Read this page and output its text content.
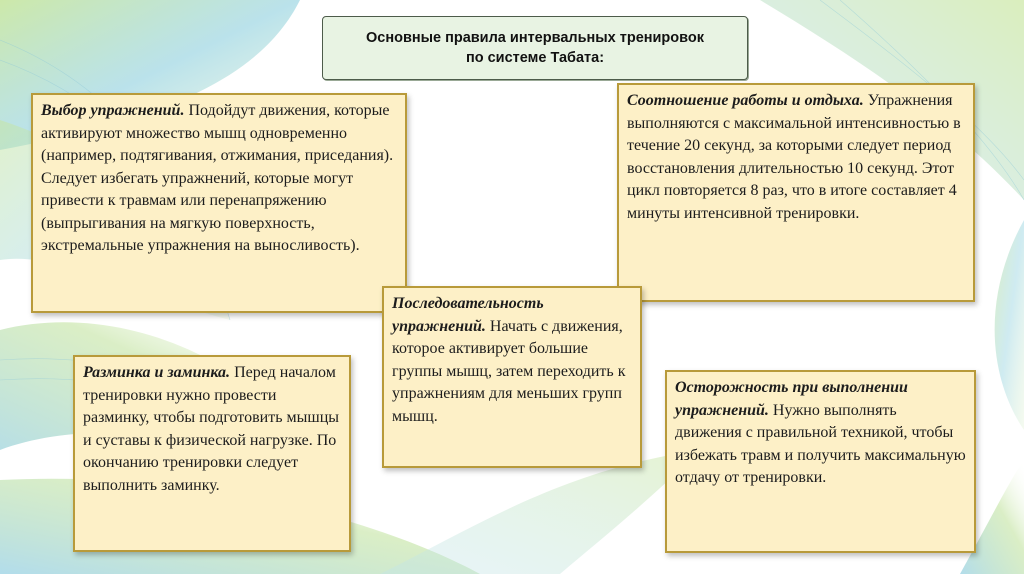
Основные правила интервальных тренировок
по системе Табата:
Выбор упражнений. Подойдут движения, которые активируют множество мышц одновременно (например, подтягивания, отжимания, приседания). Следует избегать упражнений, которые могут привести к травмам или перенапряжению (выпрыгивания на мягкую поверхность, экстремальные упражнения на выносливость).
Соотношение работы и отдыха. Упражнения выполняются с максимальной интенсивностью в течение 20 секунд, за которыми следует период восстановления длительностью 10 секунд. Этот цикл повторяется 8 раз, что в итоге составляет 4 минуты интенсивной тренировки.
Последовательность упражнений. Начать с движения, которое активирует большие группы мышц, затем переходить к упражнениям для меньших групп мышц.
Разминка и заминка. Перед началом тренировки нужно провести разминку, чтобы подготовить мышцы и суставы к физической нагрузке. По окончанию тренировки следует выполнить заминку.
Осторожность при выполнении упражнений. Нужно выполнять движения с правильной техникой, чтобы избежать травм и получить максимальную отдачу от тренировки.
